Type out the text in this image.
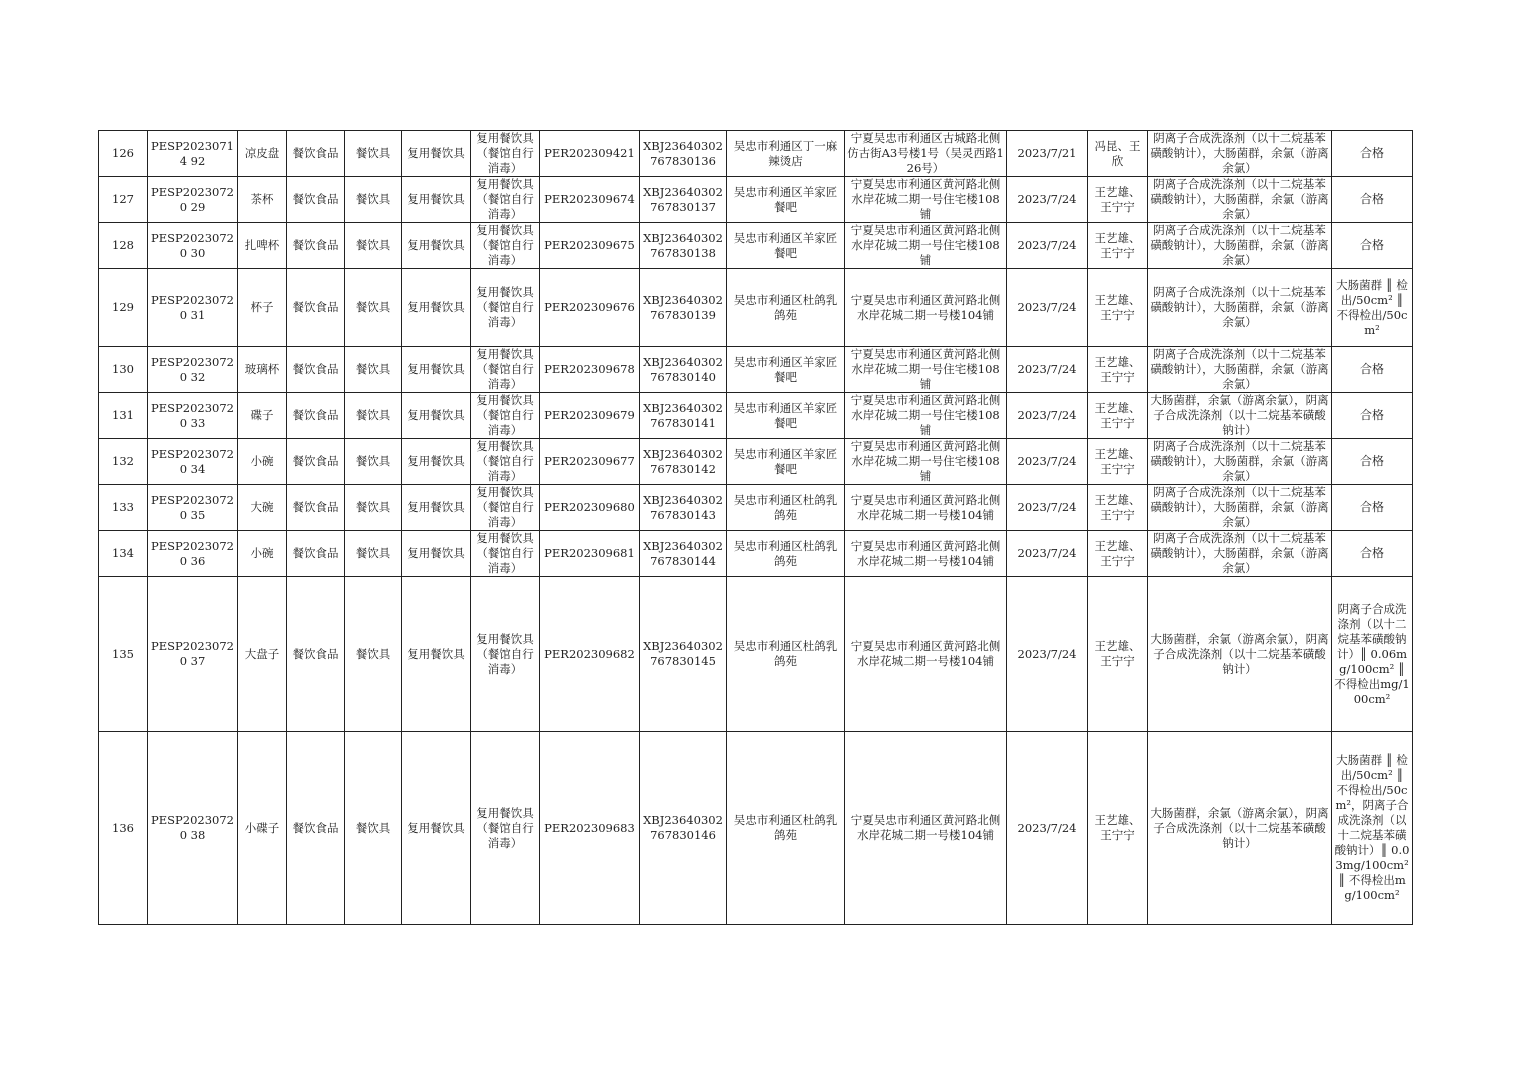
126	PESP20230714 92	凉皮盘	餐饮食品	餐饮具	复用餐饮具	复用餐饮具（餐馆自行消毒）	PER202309421	XBJ23640302767830136	吴忠市利通区丁一麻辣烫店	宁夏吴忠市利通区古城路北侧仿古街A3号楼1号（吴灵西路126号）	2023/7/21	冯昆、王欣	阴离子合成洗涤剂（以十二烷基苯磺酸钠计），大肠菌群，余氯（游离余氯）	合格
127	PESP20230720 29	茶杯	餐饮食品	餐饮具	复用餐饮具	复用餐饮具（餐馆自行消毒）	PER202309674	XBJ23640302767830137	吴忠市利通区羊家匠餐吧	宁夏吴忠市利通区黄河路北侧水岸花城二期一号住宅楼108铺	2023/7/24	王艺雄、王宁宁	阴离子合成洗涤剂（以十二烷基苯磺酸钠计），大肠菌群，余氯（游离余氯）	合格
128	PESP20230720 30	扎啤杯	餐饮食品	餐饮具	复用餐饮具	复用餐饮具（餐馆自行消毒）	PER202309675	XBJ23640302767830138	吴忠市利通区羊家匠餐吧	宁夏吴忠市利通区黄河路北侧水岸花城二期一号住宅楼108铺	2023/7/24	王艺雄、王宁宁	阴离子合成洗涤剂（以十二烷基苯磺酸钠计），大肠菌群，余氯（游离余氯）	合格
129	PESP20230720 31	杯子	餐饮食品	餐饮具	复用餐饮具	复用餐饮具（餐馆自行消毒）	PER202309676	XBJ23640302767830139	吴忠市利通区杜鸽乳鸽苑	宁夏吴忠市利通区黄河路北侧水岸花城二期一号楼104铺	2023/7/24	王艺雄、王宁宁	阴离子合成洗涤剂（以十二烷基苯磺酸钠计），大肠菌群，余氯（游离余氯）	大肠菌群 ║ 检出/50cm² ║ 不得检出/50cm²
130	PESP20230720 32	玻璃杯	餐饮食品	餐饮具	复用餐饮具	复用餐饮具（餐馆自行消毒）	PER202309678	XBJ23640302767830140	吴忠市利通区羊家匠餐吧	宁夏吴忠市利通区黄河路北侧水岸花城二期一号住宅楼108铺	2023/7/24	王艺雄、王宁宁	阴离子合成洗涤剂（以十二烷基苯磺酸钠计），大肠菌群，余氯（游离余氯）	合格
131	PESP20230720 33	碟子	餐饮食品	餐饮具	复用餐饮具	复用餐饮具（餐馆自行消毒）	PER202309679	XBJ23640302767830141	吴忠市利通区羊家匠餐吧	宁夏吴忠市利通区黄河路北侧水岸花城二期一号住宅楼108铺	2023/7/24	王艺雄、王宁宁	大肠菌群，余氯（游离余氯），阴离子合成洗涤剂（以十二烷基苯磺酸钠计）	合格
132	PESP20230720 34	小碗	餐饮食品	餐饮具	复用餐饮具	复用餐饮具（餐馆自行消毒）	PER202309677	XBJ23640302767830142	吴忠市利通区羊家匠餐吧	宁夏吴忠市利通区黄河路北侧水岸花城二期一号住宅楼108铺	2023/7/24	王艺雄、王宁宁	阴离子合成洗涤剂（以十二烷基苯磺酸钠计），大肠菌群，余氯（游离余氯）	合格
133	PESP20230720 35	大碗	餐饮食品	餐饮具	复用餐饮具	复用餐饮具（餐馆自行消毒）	PER202309680	XBJ23640302767830143	吴忠市利通区杜鸽乳鸽苑	宁夏吴忠市利通区黄河路北侧水岸花城二期一号楼104铺	2023/7/24	王艺雄、王宁宁	阴离子合成洗涤剂（以十二烷基苯磺酸钠计），大肠菌群，余氯（游离余氯）	合格
134	PESP20230720 36	小碗	餐饮食品	餐饮具	复用餐饮具	复用餐饮具（餐馆自行消毒）	PER202309681	XBJ23640302767830144	吴忠市利通区杜鸽乳鸽苑	宁夏吴忠市利通区黄河路北侧水岸花城二期一号楼104铺	2023/7/24	王艺雄、王宁宁	阴离子合成洗涤剂（以十二烷基苯磺酸钠计），大肠菌群，余氯（游离余氯）	合格
135	PESP20230720 37	大盘子	餐饮食品	餐饮具	复用餐饮具	复用餐饮具（餐馆自行消毒）	PER202309682	XBJ23640302767830145	吴忠市利通区杜鸽乳鸽苑	宁夏吴忠市利通区黄河路北侧水岸花城二期一号楼104铺	2023/7/24	王艺雄、王宁宁	大肠菌群，余氯（游离余氯），阴离子合成洗涤剂（以十二烷基苯磺酸钠计）	阴离子合成洗涤剂（以十二烷基苯磺酸钠计）║ 0.06mg/100cm² ║ 不得检出mg/100cm²
136	PESP20230720 38	小碟子	餐饮食品	餐饮具	复用餐饮具	复用餐饮具（餐馆自行消毒）	PER202309683	XBJ23640302767830146	吴忠市利通区杜鸽乳鸽苑	宁夏吴忠市利通区黄河路北侧水岸花城二期一号楼104铺	2023/7/24	王艺雄、王宁宁	大肠菌群，余氯（游离余氯），阴离子合成洗涤剂（以十二烷基苯磺酸钠计）	大肠菌群 ║ 检出/50cm² ║ 不得检出/50cm²，阴离子合成洗涤剂（以十二烷基苯磺酸钠计）║ 0.03mg/100cm² ║ 不得检出mg/100cm²
